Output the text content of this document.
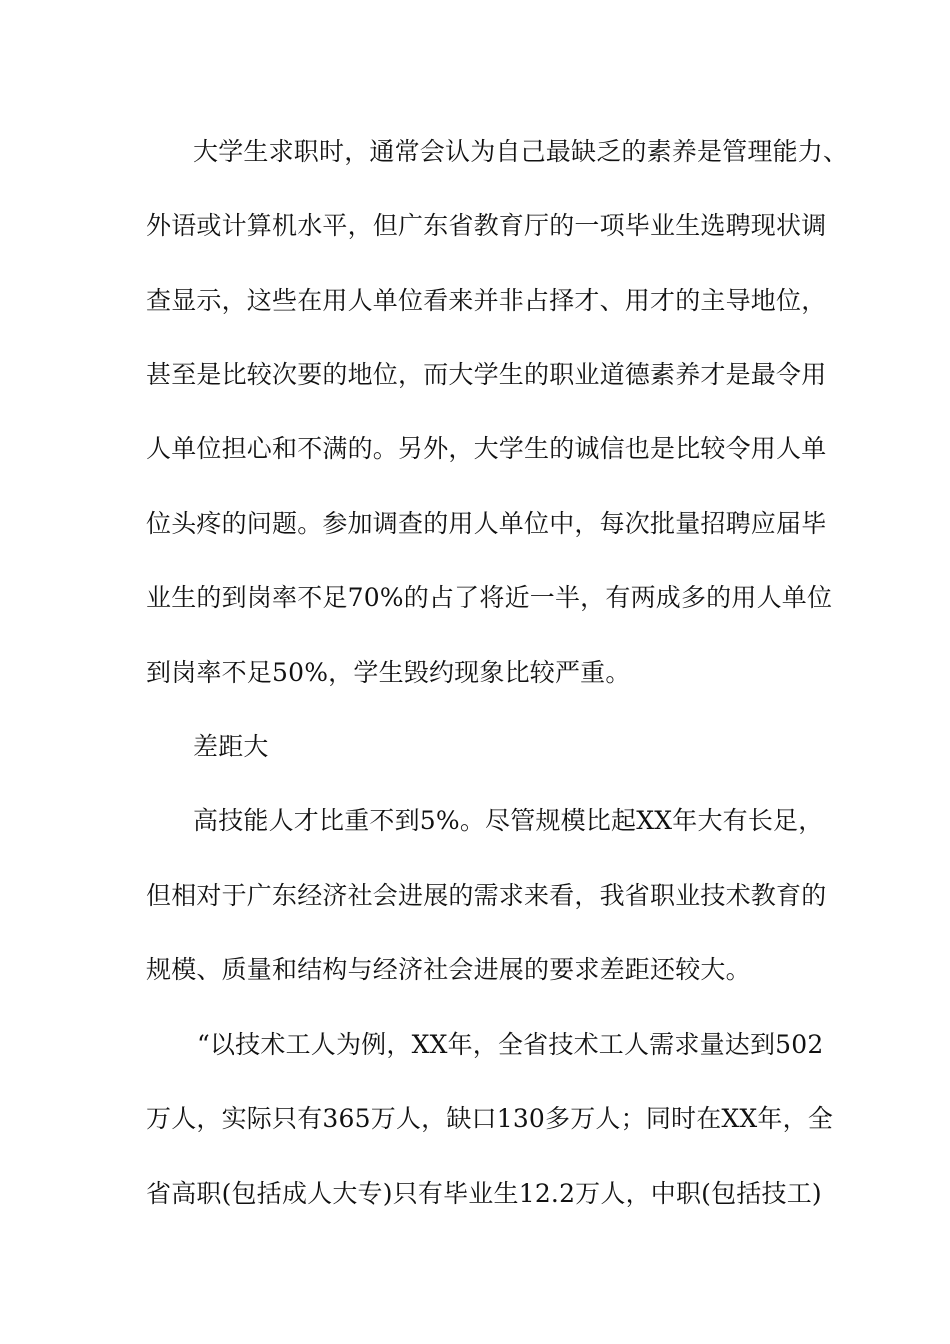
大学生求职时，通常会认为自己最缺乏的素养是管理能力、
外语或计算机水平，但广东省教育厅的一项毕业生选聘现状调
查显示，这些在用人单位看来并非占择才、用才的主导地位，
甚至是比较次要的地位，而大学生的职业道德素养才是最令用
人单位担心和不满的。另外，大学生的诚信也是比较令用人单
位头疼的问题。参加调查的用人单位中，每次批量招聘应届毕
业生的到岗率不足70%的占了将近一半，有两成多的用人单位
到岗率不足50%，学生毁约现象比较严重。
差距大
高技能人才比重不到5%。尽管规模比起XX年大有长足，
但相对于广东经济社会进展的需求来看，我省职业技术教育的
规模、质量和结构与经济社会进展的要求差距还较大。
“以技术工人为例，XX年，全省技术工人需求量达到502
万人，实际只有365万人，缺口130多万人；同时在XX年，全
省高职(包括成人大专)只有毕业生12.2万人，中职(包括技工)
